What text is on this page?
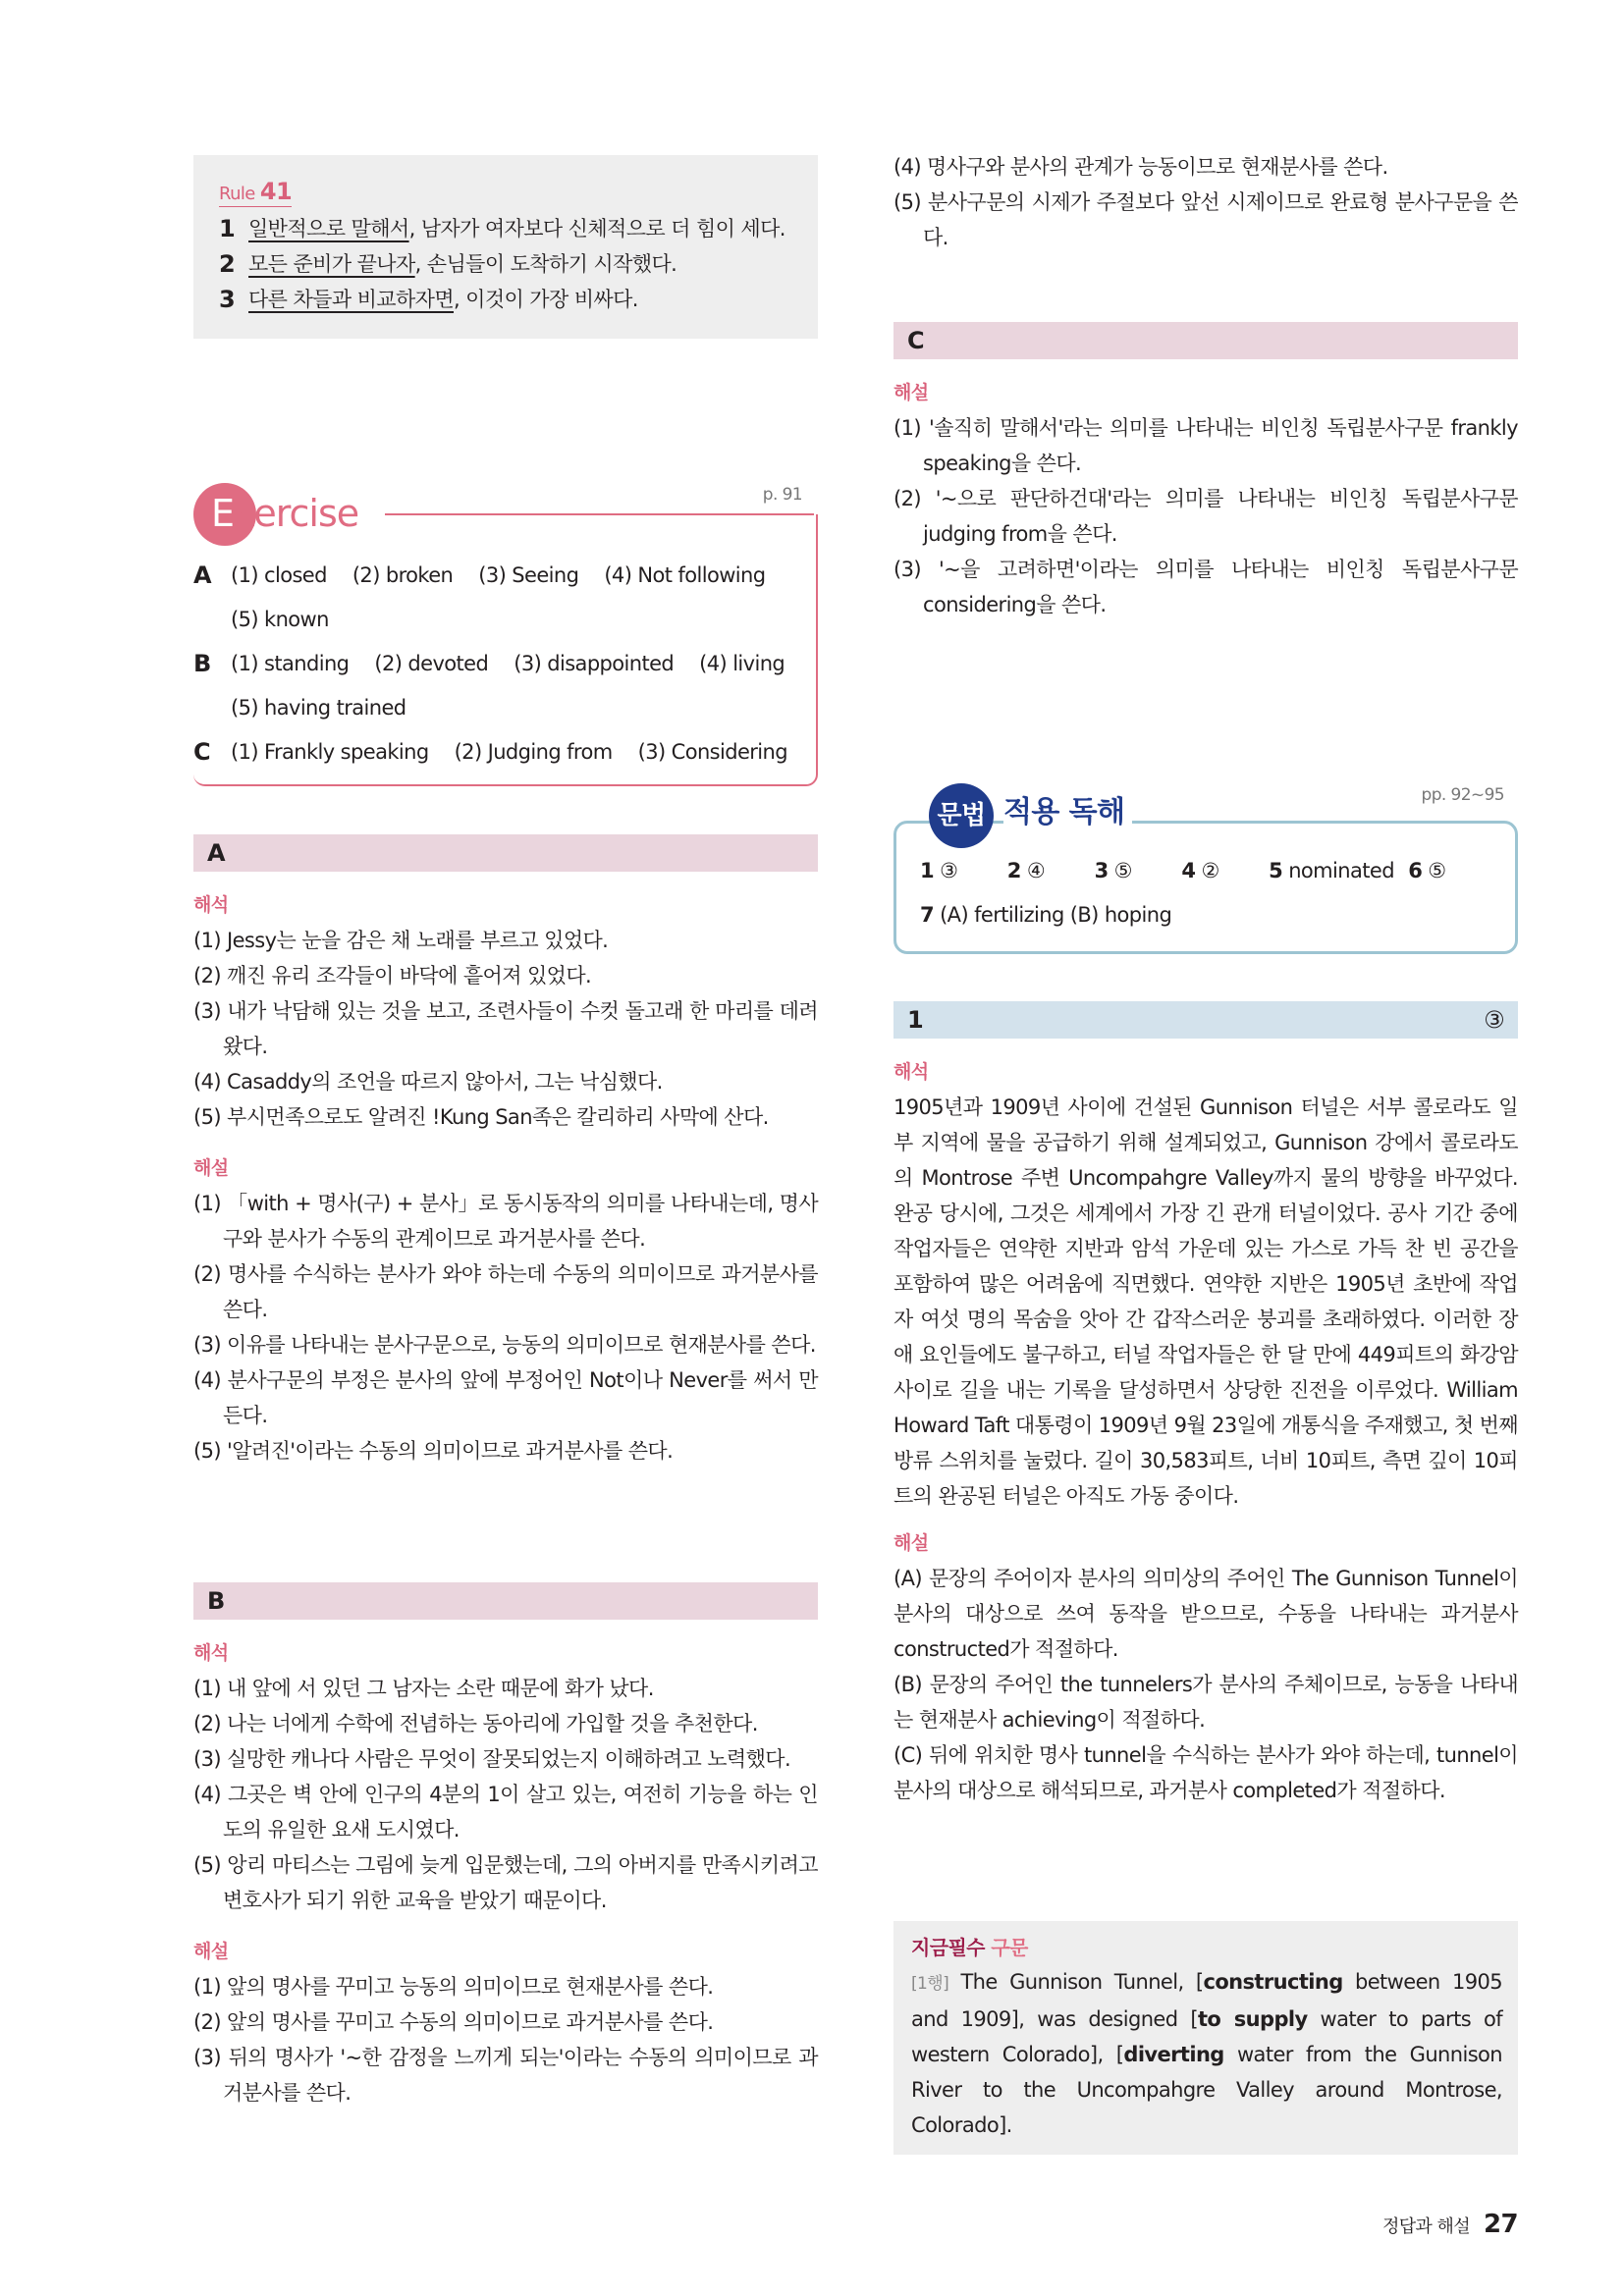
Rule 41
1 일반적으로 말해서, 남자가 여자보다 신체적으로 더 힘이 세다.
2 모든 준비가 끝나자, 손님들이 도착하기 시작했다.
3 다른 차들과 비교하자면, 이것이 가장 비싸다.
Exercise	p. 91
A (1) closed (2) broken (3) Seeing (4) Not following
(5) known
B (1) standing (2) devoted (3) disappointed (4) living
(5) having trained
C (1) Frankly speaking (2) Judging from (3) Considering
A
해석
(1) Jessy는 눈을 감은 채 노래를 부르고 있었다.
(2) 깨진 유리 조각들이 바닥에 흩어져 있었다.
(3) 내가 낙담해 있는 것을 보고, 조련사들이 수컷 돌고래 한 마리를 데려왔다.
(4) Casaddy의 조언을 따르지 않아서, 그는 낙심했다.
(5) 부시먼족으로도 알려진 !Kung San족은 칼리하리 사막에 산다.
해설
(1) 「with + 명사(구) + 분사」로 동시동작의 의미를 나타내는데, 명사구와 분사가 수동의 관계이므로 과거분사를 쓴다.
(2) 명사를 수식하는 분사가 와야 하는데 수동의 의미이므로 과거분사를 쓴다.
(3) 이유를 나타내는 분사구문으로, 능동의 의미이므로 현재분사를 쓴다.
(4) 분사구문의 부정은 분사의 앞에 부정어인 Not이나 Never를 써서 만든다.
(5) '알려진'이라는 수동의 의미이므로 과거분사를 쓴다.
B
해석
(1) 내 앞에 서 있던 그 남자는 소란 때문에 화가 났다.
(2) 나는 너에게 수학에 전념하는 동아리에 가입할 것을 추천한다.
(3) 실망한 캐나다 사람은 무엇이 잘못되었는지 이해하려고 노력했다.
(4) 그곳은 벽 안에 인구의 4분의 1이 살고 있는, 여전히 기능을 하는 인도의 유일한 요새 도시였다.
(5) 앙리 마티스는 그림에 늦게 입문했는데, 그의 아버지를 만족시키려고 변호사가 되기 위한 교육을 받았기 때문이다.
해설
(1) 앞의 명사를 꾸미고 능동의 의미이므로 현재분사를 쓴다.
(2) 앞의 명사를 꾸미고 수동의 의미이므로 과거분사를 쓴다.
(3) 뒤의 명사가 '~한 감정을 느끼게 되는'이라는 수동의 의미이므로 과거분사를 쓴다.
(4) 명사구와 분사의 관계가 능동이므로 현재분사를 쓴다.
(5) 분사구문의 시제가 주절보다 앞선 시제이므로 완료형 분사구문을 쓴다.
C
해설
(1) '솔직히 말해서'라는 의미를 나타내는 비인칭 독립분사구문 frankly speaking을 쓴다.
(2) '~으로 판단하건대'라는 의미를 나타내는 비인칭 독립분사구문 judging from을 쓴다.
(3) '~을 고려하면'이라는 의미를 나타내는 비인칭 독립분사구문 considering을 쓴다.
문법 적용 독해	pp. 92~95
1 ③	2 ④	3 ⑤	4 ②	5 nominated 6 ⑤
7
(A) fertilizing (B) hoping
1	③
해석
1905년과 1909년 사이에 건설된 Gunnison 터널은 서부 콜로라도 일부 지역에 물을 공급하기 위해 설계되었고, Gunnison 강에서 콜로라도의 Montrose 주변 Uncompahgre Valley까지 물의 방향을 바꾸었다. 완공 당시에, 그것은 세계에서 가장 긴 관개 터널이었다. 공사 기간 중에 작업자들은 연약한 지반과 암석 가운데 있는 가스로 가득 찬 빈 공간을 포함하여 많은 어려움에 직면했다. 연약한 지반은 1905년 초반에 작업자 여섯 명의 목숨을 앗아 간 갑작스러운 붕괴를 초래하였다. 이러한 장애 요인들에도 불구하고, 터널 작업자들은 한 달 만에 449피트의 화강암 사이로 길을 내는 기록을 달성하면서 상당한 진전을 이루었다. William Howard Taft 대통령이 1909년 9월 23일에 개통식을 주재했고, 첫 번째 방류 스위치를 눌렀다. 길이 30,583피트, 너비 10피트, 측면 깊이 10피트의 완공된 터널은 아직도 가동 중이다.
해설
(A) 문장의 주어이자 분사의 의미상의 주어인 The Gunnison Tunnel이 분사의 대상으로 쓰여 동작을 받으므로, 수동을 나타내는 과거분사 constructed가 적절하다.
(B) 문장의 주어인 the tunnelers가 분사의 주체이므로, 능동을 나타내는 현재분사 achieving이 적절하다.
(C) 뒤에 위치한 명사 tunnel을 수식하는 분사가 와야 하는데, tunnel이 분사의 대상으로 해석되므로, 과거분사 completed가 적절하다.
지금필수 구문
[1행] The Gunnison Tunnel, [constructing between 1905 and 1909], was designed [to supply water to parts of western Colorado], [diverting water from the Gunnison River to the Uncompahgre Valley around Montrose, Colorado].
정답과 해설 27
